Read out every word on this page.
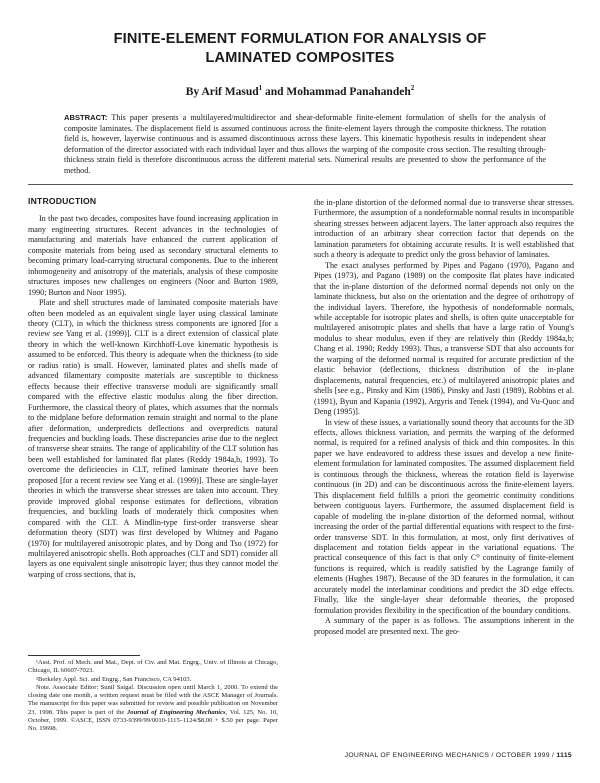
FINITE-ELEMENT FORMULATION FOR ANALYSIS OF
LAMINATED COMPOSITES

By Arif Masud$^1$ and Mohammad Panahandeh$^2$

ABSTRACT: This paper presents a multilayered/multidirector and shear-deformable finite-element formulation of shells for the analysis of composite laminates. The displacement field is assumed continuous across the finite-element layers through the composite thickness. The rotation field is, however, layerwise continuous and is assumed discontinuous across these layers. This kinematic hypothesis results in independent shear deformation of the director associated with each individual layer and thus allows the warping of the composite cross section. The resulting through-thickness strain field is therefore discontinuous across the different material sets. Numerical results are presented to show the performance of the method.

INTRODUCTION

In the past two decades, composites have found increasing application in many engineering structures. Recent advances in the technologies of manufacturing and materials have enhanced the current application of composite materials from being used as secondary structural elements to becoming primary load-carrying structural components. Due to the inherent inhomogeneity and anisotropy of the materials, analysis of these composite structures imposes new challenges on engineers (Noor and Burton 1989, 1990; Burton and Noor 1995).

Plate and shell structures made of laminated composite materials have often been modeled as an equivalent single layer using classical laminate theory (CLT), in which the thickness stress components are ignored [for a review see Yang et al. (1999)]. CLT is a direct extension of classical plate theory in which the well-known Kirchhoff-Love kinematic hypothesis is assumed to be enforced. This theory is adequate when the thickness (to side or radius ratio) is small. However, laminated plates and shells made of advanced filamentary composite materials are susceptible to thickness effects because their effective transverse moduli are significantly small compared with the effective elastic modulus along the fiber direction. Furthermore, the classical theory of plates, which assumes that the normals to the midplane before deformation remain straight and normal to the plane after deformation, underpredicts deflections and overpredicts natural frequencies and buckling loads. These discrepancies arise due to the neglect of transverse shear strains. The range of applicability of the CLT solution has been well established for laminated flat plates (Reddy 1984a,b, 1993). To overcome the deficiencies in CLT, refined laminate theories have been proposed [for a recent review see Yang et al. (1999)]. These are single-layer theories in which the transverse shear stresses are taken into account. They provide improved global response estimates for deflections, vibration frequencies, and buckling loads of moderately thick composites when compared with the CLT. A Mindlin-type first-order transverse shear deformation theory (SDT) was first developed by Whitney and Pagano (1970) for multilayered anisotropic plates, and by Dong and Tso (1972) for multilayered anisotropic shells. Both approaches (CLT and SDT) consider all layers as one equivalent single anisotropic layer; thus they cannot model the warping of cross sections, that is,

¹Asst. Prof. of Mech. and Mat., Dept. of Civ. and Mat. Engrg., Univ. of Illinois at Chicago, Chicago, IL 60607-7023.

²Berkeley Appl. Sci. and Engrg., San Francisco, CA 94103.

Note. Associate Editor: Sunil Saigal. Discussion open until March 1, 2000. To extend the closing date one month, a written request must be filed with the ASCE Manager of Journals. The manuscript for this paper was submitted for review and possible publication on November 23, 1998. This paper is part of the Journal of Engineering Mechanics, Vol. 125, No. 10, October, 1999. ©ASCE, ISSN 0733-9399/99/0010-1115–1124/$8.00 + $.50 per page. Paper No. 19698.

the in-plane distortion of the deformed normal due to transverse shear stresses. Furthermore, the assumption of a nondeformable normal results in incompatible shearing stresses between adjacent layers. The latter approach also requires the introduction of an arbitrary shear correction factor that depends on the lamination parameters for obtaining accurate results. It is well established that such a theory is adequate to predict only the gross behavior of laminates.

The exact analyses performed by Pipes and Pagano (1970), Pagano and Pipes (1973), and Pagano (1989) on the composite flat plates have indicated that the in-plane distortion of the deformed normal depends not only on the laminate thickness, but also on the orientation and the degree of orthotropy of the individual layers. Therefore, the hypothesis of nondeformable normals, while acceptable for isotropic plates and shells, is often quite unacceptable for multilayered anisotropic plates and shells that have a large ratio of Young's modulus to shear modulus, even if they are relatively thin (Reddy 1984a,b; Chang et al. 1990; Reddy 1993). Thus, a transverse SDT that also accounts for the warping of the deformed normal is required for accurate prediction of the elastic behavior (deflections, thickness distribution of the in-plane displacements, natural frequencies, etc.) of multilayered anisotropic plates and shells [see e.g., Pinsky and Kim (1986), Pinsky and Jasti (1989), Robbins et al. (1991), Byun and Kapania (1992), Argyris and Tenek (1994), and Vu-Quoc and Deng (1995)].

In view of these issues, a variationally sound theory that accounts for the 3D effects, allows thickness variation, and permits the warping of the deformed normal, is required for a refined analysis of thick and thin composites. In this paper we have endeavored to address these issues and develop a new finite-element formulation for laminated composites. The assumed displacement field is continuous through the thickness, whereas the rotation field is layerwise continuous (in 2D) and can be discontinuous across the finite-element layers. This displacement field fulfills a priori the geometric continuity conditions between contiguous layers. Furthermore, the assumed displacement field is capable of modeling the in-plane distortion of the deformed normal, without increasing the order of the partial differential equations with respect to the first-order transverse SDT. In this formulation, at most, only first derivatives of displacement and rotation fields appear in the variational equations. The practical consequence of this fact is that only C⁰ continuity of finite-element functions is required, which is readily satisfied by the Lagrange family of elements (Hughes 1987). Because of the 3D features in the formulation, it can accurately model the interlaminar conditions and predict the 3D edge effects. Finally, like the single-layer shear deformable theories, the proposed formulation provides flexibility in the specification of the boundary conditions.

A summary of the paper is as follows. The assumptions inherent in the proposed model are presented next. The geo-

JOURNAL OF ENGINEERING MECHANICS / OCTOBER 1999 / 1115
